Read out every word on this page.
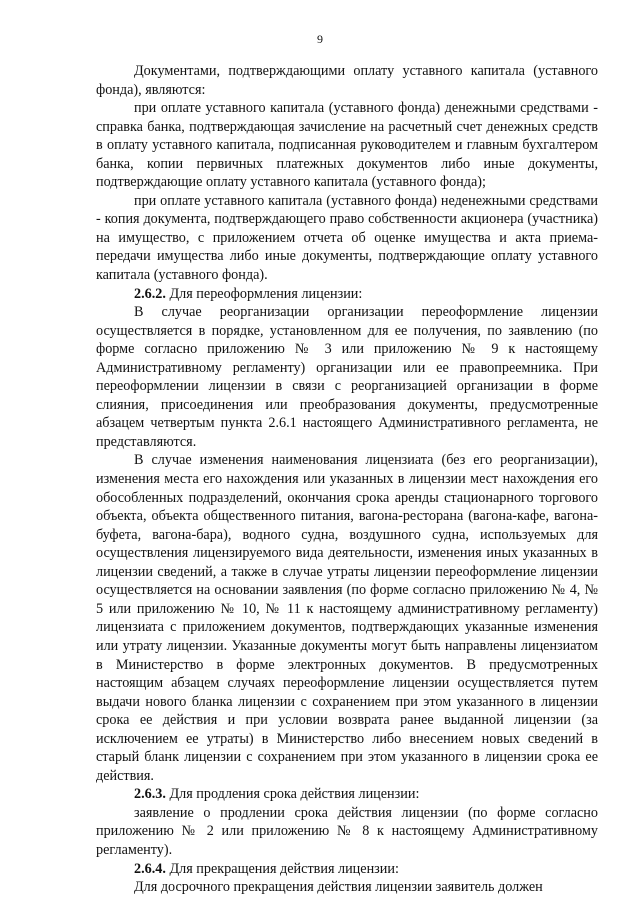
9

Документами, подтверждающими оплату уставного капитала (уставного фонда), являются:

при оплате уставного капитала (уставного фонда) денежными средствами - справка банка, подтверждающая зачисление на расчетный счет денежных средств в оплату уставного капитала, подписанная руководителем и главным бухгалтером банка, копии первичных платежных документов либо иные документы, подтверждающие оплату уставного капитала (уставного фонда);

при оплате уставного капитала (уставного фонда) неденежными средствами - копия документа, подтверждающего право собственности акционера (участника) на имущество, с приложением отчета об оценке имущества и акта приема-передачи имущества либо иные документы, подтверждающие оплату уставного капитала (уставного фонда).

2.6.2. Для переоформления лицензии:

В случае реорганизации организации переоформление лицензии осуществляется в порядке, установленном для ее получения, по заявлению (по форме согласно приложению № 3 или приложению № 9 к настоящему Административному регламенту) организации или ее правопреемника. При переоформлении лицензии в связи с реорганизацией организации в форме слияния, присоединения или преобразования документы, предусмотренные абзацем четвертым пункта 2.6.1 настоящего Административного регламента, не представляются.

В случае изменения наименования лицензиата (без его реорганизации), изменения места его нахождения или указанных в лицензии мест нахождения его обособленных подразделений, окончания срока аренды стационарного торгового объекта, объекта общественного питания, вагона-ресторана (вагона-кафе, вагона-буфета, вагона-бара), водного судна, воздушного судна, используемых для осуществления лицензируемого вида деятельности, изменения иных указанных в лицензии сведений, а также в случае утраты лицензии переоформление лицензии осуществляется на основании заявления (по форме согласно приложению № 4, № 5 или приложению № 10, № 11 к настоящему административному регламенту) лицензиата с приложением документов, подтверждающих указанные изменения или утрату лицензии. Указанные документы могут быть направлены лицензиатом в Министерство в форме электронных документов. В предусмотренных настоящим абзацем случаях переоформление лицензии осуществляется путем выдачи нового бланка лицензии с сохранением при этом указанного в лицензии срока ее действия и при условии возврата ранее выданной лицензии (за исключением ее утраты) в Министерство либо внесением новых сведений в старый бланк лицензии с сохранением при этом указанного в лицензии срока ее действия.

2.6.3. Для продления срока действия лицензии:

заявление о продлении срока действия лицензии (по форме согласно приложению № 2 или приложению № 8 к настоящему Административному регламенту).

2.6.4. Для прекращения действия лицензии:

Для досрочного прекращения действия лицензии заявитель должен
